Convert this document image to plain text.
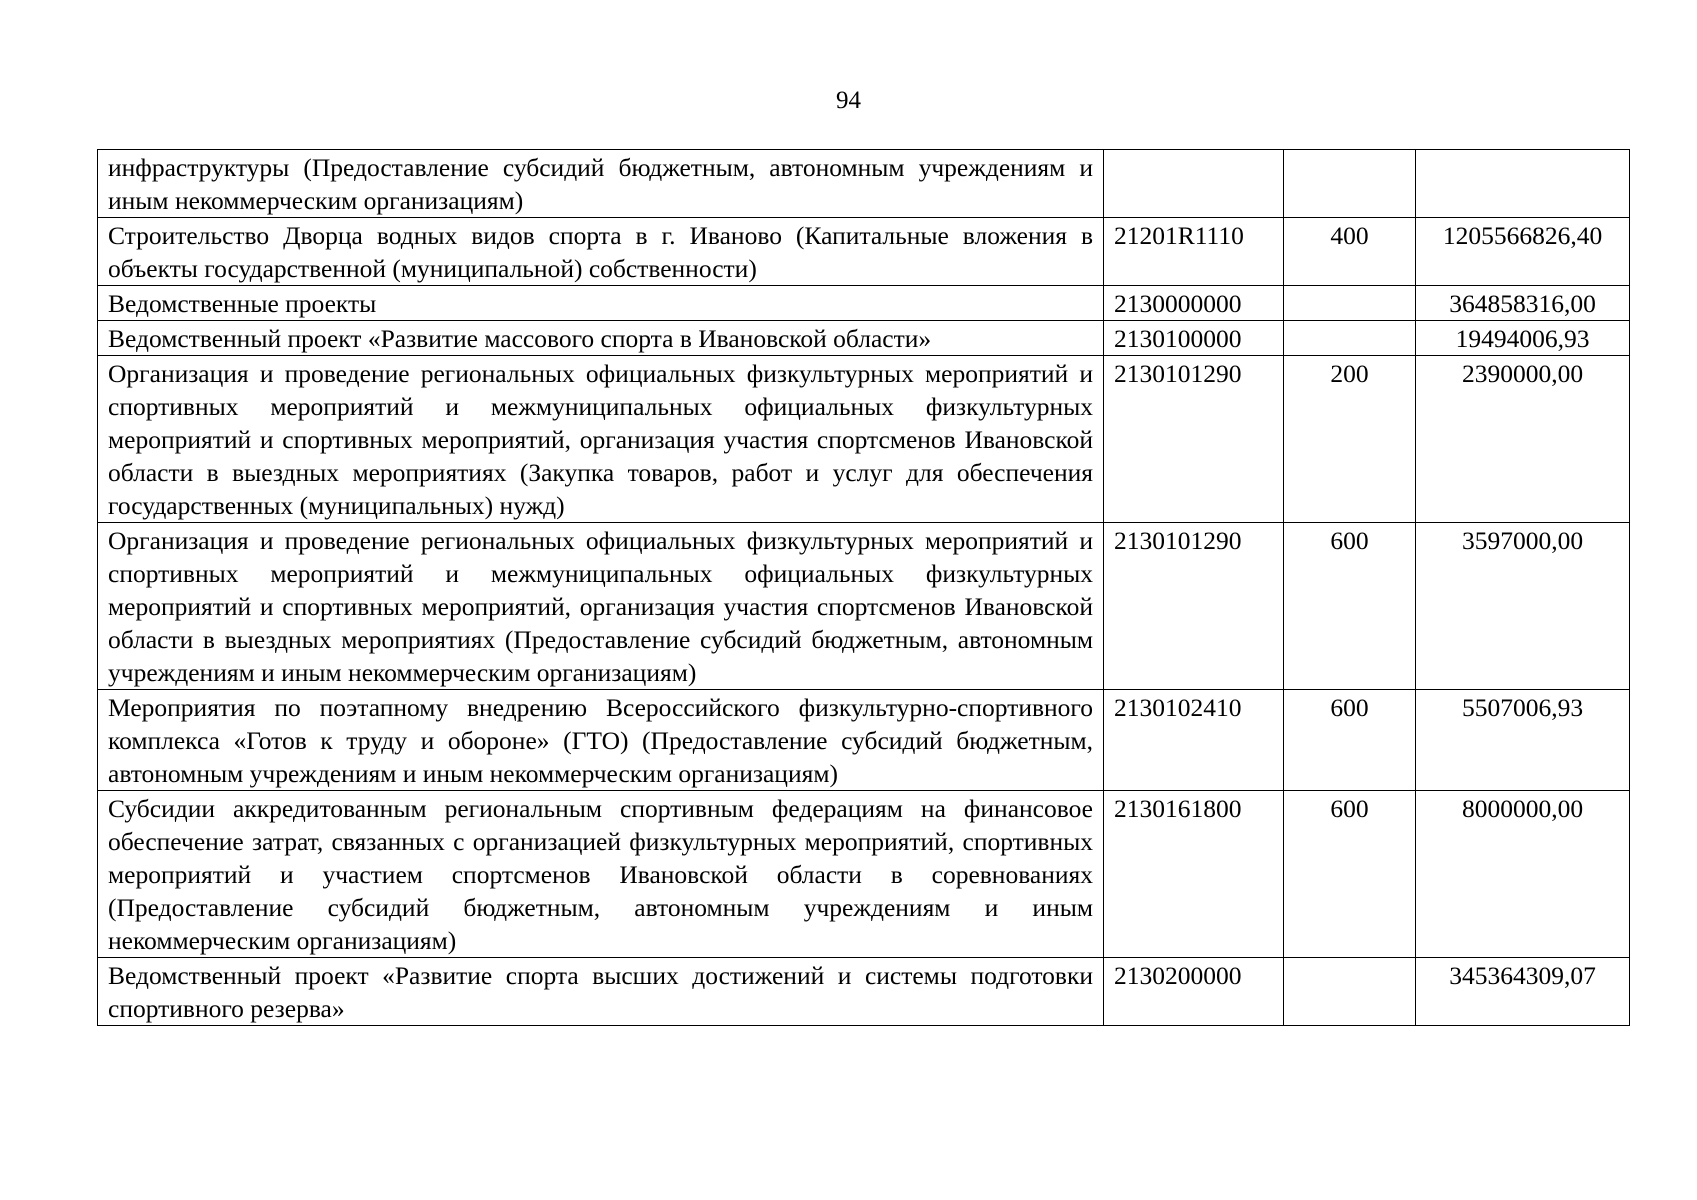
94
инфраструктуры (Предоставление субсидий бюджетным, автономным учреждениям и иным некоммерческим организациям)			
Строительство Дворца водных видов спорта в г. Иваново (Капитальные вложения в объекты государственной (муниципальной) собственности)	21201R1110	400	1205566826,40
Ведомственные проекты	2130000000		364858316,00
Ведомственный проект «Развитие массового спорта в Ивановской области»	2130100000		19494006,93
Организация и проведение региональных официальных физкультурных мероприятий и спортивных мероприятий и межмуниципальных официальных физкультурных мероприятий и спортивных мероприятий, организация участия спортсменов Ивановской области в выездных мероприятиях (Закупка товаров, работ и услуг для обеспечения государственных (муниципальных) нужд)	2130101290	200	2390000,00
Организация и проведение региональных официальных физкультурных мероприятий и спортивных мероприятий и межмуниципальных официальных физкультурных мероприятий и спортивных мероприятий, организация участия спортсменов Ивановской области в выездных мероприятиях (Предоставление субсидий бюджетным, автономным учреждениям и иным некоммерческим организациям)	2130101290	600	3597000,00
Мероприятия по поэтапному внедрению Всероссийского физкультурно-спортивного комплекса «Готов к труду и обороне» (ГТО) (Предоставление субсидий бюджетным, автономным учреждениям и иным некоммерческим организациям)	2130102410	600	5507006,93
Субсидии аккредитованным региональным спортивным федерациям на финансовое обеспечение затрат, связанных с организацией физкультурных мероприятий, спортивных мероприятий и участием спортсменов Ивановской области в соревнованиях (Предоставление субсидий бюджетным, автономным учреждениям и иным некоммерческим организациям)	2130161800	600	8000000,00
Ведомственный проект «Развитие спорта высших достижений и системы подготовки спортивного резерва»	2130200000		345364309,07
